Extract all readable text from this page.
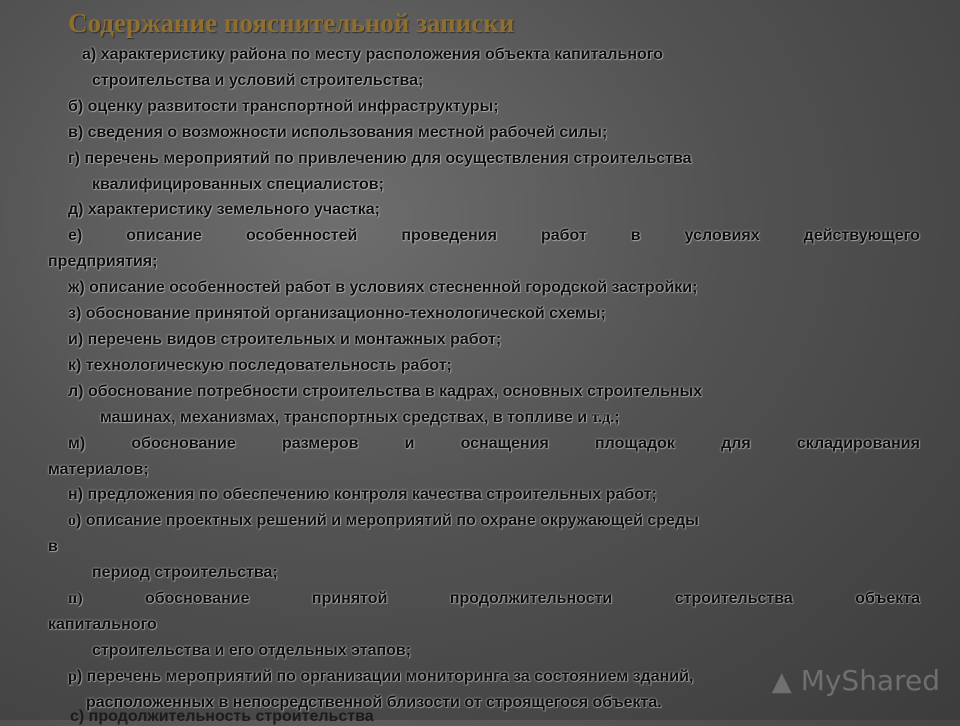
Содержание пояснительной записки

а) характеристику района по месту расположения объекта капитального

строительства и условий строительства;

б) оценку развитости транспортной инфраструктуры;

в) сведения о возможности использования местной рабочей силы;

г) перечень мероприятий по привлечению для осуществления строительства

квалифицированных специалистов;

д) характеристику земельного участка;

е)	описание	особенностей	проведения	работ	в	условиях	действующего

предприятия;

ж) описание особенностей работ в условиях стесненной городской застройки;

з) обоснование принятой организационно-технологической схемы;

и) перечень видов строительных и монтажных работ;

к) технологическую последовательность работ;

л) обоснование потребности строительства в кадрах, основных строительных

машинах, механизмах, транспортных средствах, в топливе и т.д.;

м)	обоснование	размеров	и	оснащения	площадок	для	складирования

материалов;

н) предложения по обеспечению контроля качества строительных работ;

о) описание проектных решений и мероприятий по охране окружающей среды

в

период строительства;

п)	обоснование	принятой	продолжительности	строительства	объекта

капитального

строительства и его отдельных этапов;

р) перечень мероприятий по организации мониторинга за состоянием зданий,

расположенных в непосредственной близости от строящегося объекта.

с) продолжительность строительства
▲ MyShared
